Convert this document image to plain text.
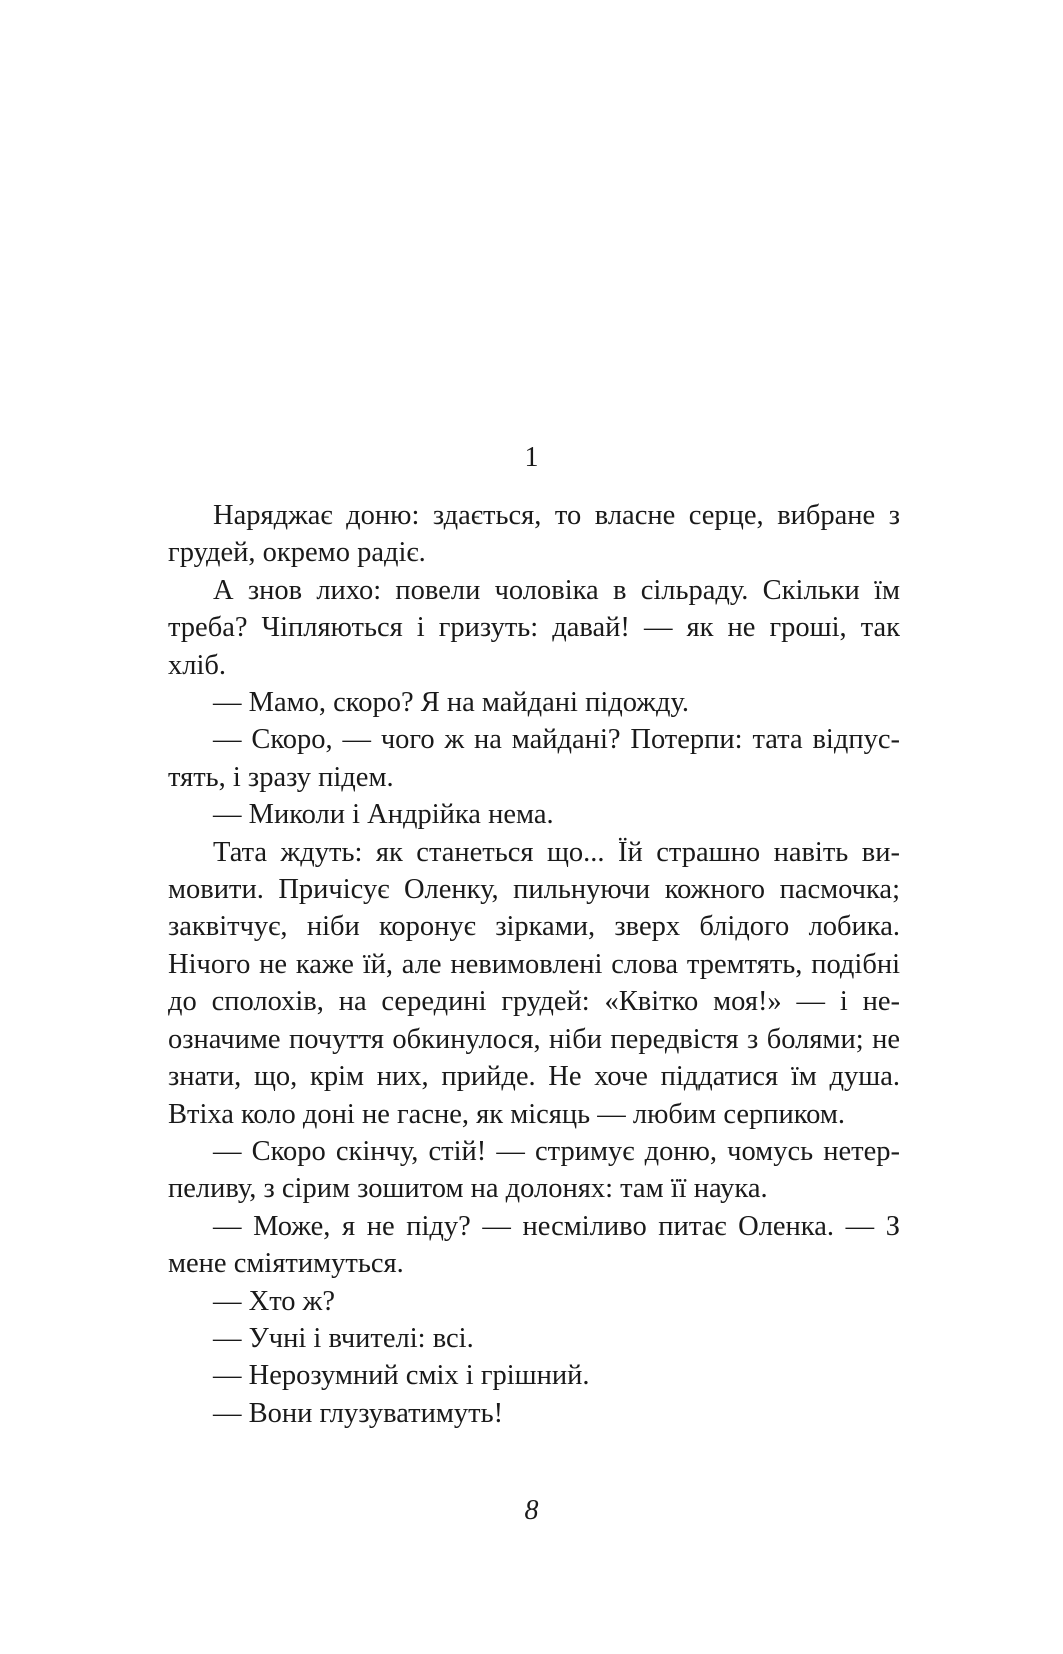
1

Наряджає доню: здається, то власне серце, вибране з грудей, окремо радіє.

А знов лихо: повели чоловіка в сільраду. Скільки їм треба? Чіпляються і гризуть: давай! — як не гроші, так хліб.

— Мамо, скоро? Я на майдані підожду.

— Скоро, — чого ж на майдані? Потерпи: тата відпустять, і зразу підем.

— Миколи і Андрійка нема.

Тата ждуть: як станеться що... Їй страшно навіть вимовити. Причісує Оленку, пильнуючи кожного пасмочка; заквітчує, ніби коронує зірками, зверх блідого лобика. Нічого не каже їй, але невимовлені слова тремтять, подібні до сполохів, на середині грудей: «Квітко моя!» — і неозначиме почуття обкинулося, ніби передвістя з болями; не знати, що, крім них, прийде. Не хоче піддатися їм душа. Втіха коло доні не гасне, як місяць — любим серпиком.

— Скоро скінчу, стій! — стримує доню, чомусь нетерпеливу, з сірим зошитом на долонях: там її наука.

— Може, я не піду? — несміливо питає Оленка. — З мене сміятимуться.

— Хто ж?

— Учні і вчителі: всі.

— Нерозумний сміх і грішний.

— Вони глузуватимуть!

8
